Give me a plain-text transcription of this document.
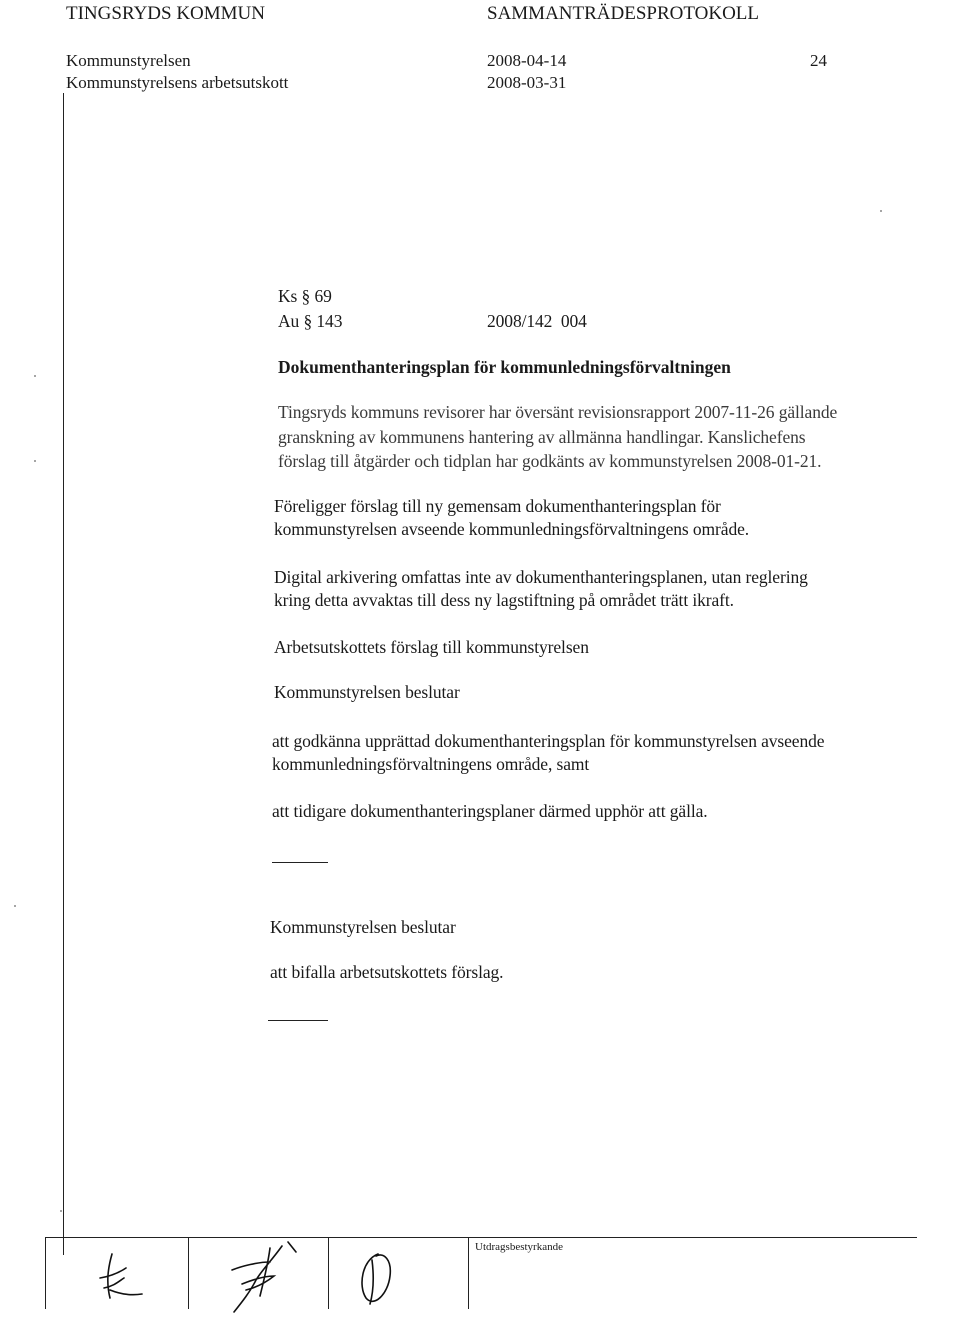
TINGSRYDS KOMMUN	SAMMANTRÄDESPROTOKOLL
Kommunstyrelsen	2008-04-14	24
Kommunstyrelsens arbetsutskott	2008-03-31
Ks § 69
Au § 143	2008/142  004
Dokumenthanteringsplan för kommunledningsförvaltningen
Tingsryds kommuns revisorer har översänt revisionsrapport 2007-11-26 gällande
granskning av kommunens hantering av allmänna handlingar. Kanslichefens
förslag till åtgärder och tidplan har godkänts av kommunstyrelsen 2008-01-21.
Föreligger förslag till ny gemensam dokumenthanteringsplan för
kommunstyrelsen avseende kommunledningsförvaltningens område.
Digital arkivering omfattas inte av dokumenthanteringsplanen, utan reglering
kring detta avvaktas till dess ny lagstiftning på området trätt ikraft.
Arbetsutskottets förslag till kommunstyrelsen
Kommunstyrelsen beslutar
att godkänna upprättad dokumenthanteringsplan för kommunstyrelsen avseende
kommunledningsförvaltningens område, samt
att tidigare dokumenthanteringsplaner därmed upphör att gälla.
Kommunstyrelsen beslutar
att bifalla arbetsutskottets förslag.
Utdragsbestyrkande
